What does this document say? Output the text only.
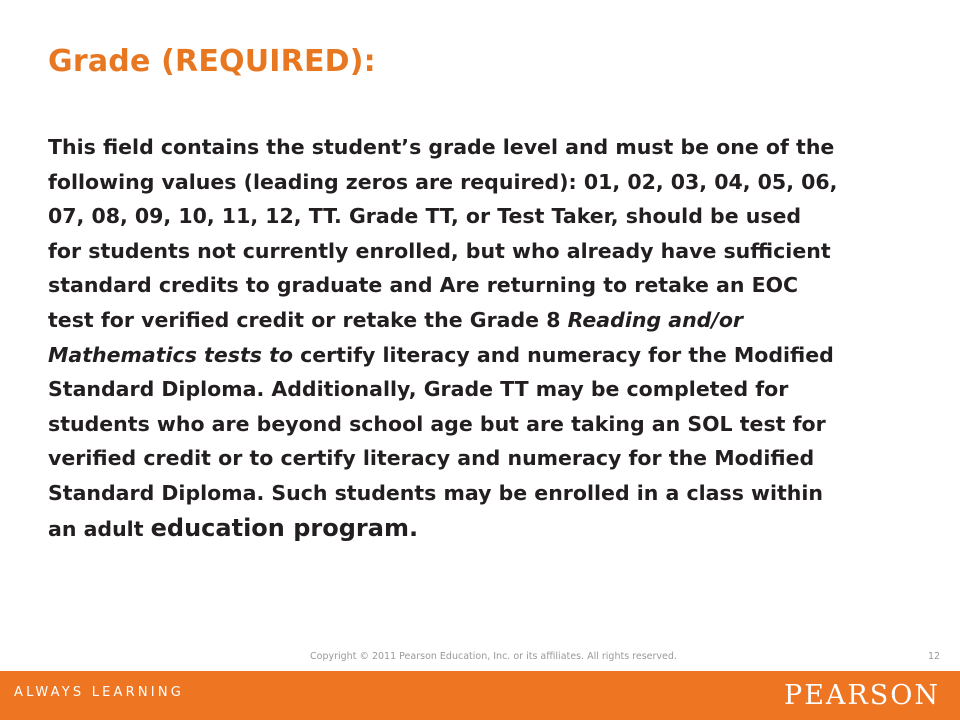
Grade (REQUIRED):

This field contains the student’s grade level and must be one of the following values (leading zeros are required): 01, 02, 03, 04, 05, 06, 07, 08, 09, 10, 11, 12, TT. Grade TT, or Test Taker, should be used for students not currently enrolled, but who already have sufficient standard credits to graduate and Are returning to retake an EOC test for verified credit or retake the Grade 8 Reading and/or Mathematics tests to certify literacy and numeracy for the Modified Standard Diploma. Additionally, Grade TT may be completed for students who are beyond school age but are taking an SOL test for verified credit or to certify literacy and numeracy for the Modified Standard Diploma. Such students may be enrolled in a class within an adult education program.

Copyright © 2011 Pearson Education, Inc. or its affiliates. All rights reserved.	12
ALWAYS LEARNING	PEARSON
